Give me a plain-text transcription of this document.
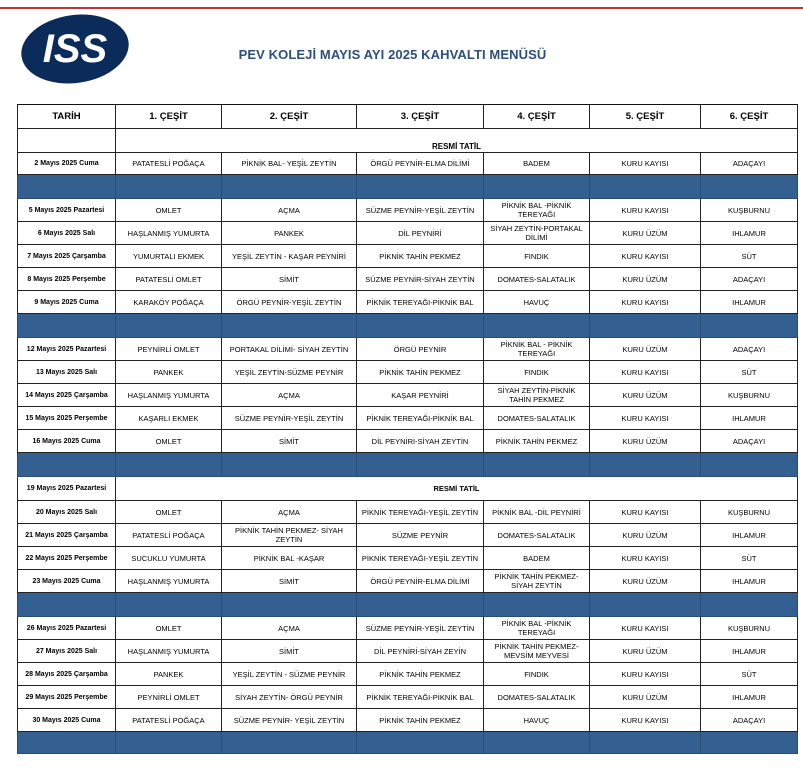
ISS	PEV KOLEJİ MAYIS AYI 2025 KAHVALTI MENÜSÜ
TARİH	1. ÇEŞİT	2. ÇEŞİT	3. ÇEŞİT	4. ÇEŞİT	5. ÇEŞİT	6. ÇEŞİT
	RESMİ TATİL					
2 Mayıs 2025 Cuma	PATATESLİ POĞAÇA	PİKNİK BAL- YEŞİL ZEYTİN	ÖRGÜ PEYNİR-ELMA DİLİMİ	BADEM	KURU KAYISI	ADAÇAYI

5 Mayıs 2025 Pazartesi	OMLET	AÇMA	SÜZME PEYNİR-YEŞİL ZEYTİN	PİKNİK BAL -PİKNİK TEREYAĞI	KURU KAYISI	KUŞBURNU
6 Mayıs 2025 Salı	HAŞLANMIŞ YUMURTA	PANKEK	DİL PEYNİRİ	SİYAH ZEYTİN-PORTAKAL DİLİMİ	KURU ÜZÜM	IHLAMUR
7 Mayıs 2025 Çarşamba	YUMURTALI EKMEK	YEŞİL ZEYTİN - KAŞAR PEYNİRİ	PİKNİK TAHİN PEKMEZ	FINDIK	KURU KAYISI	SÜT
8 Mayıs 2025 Perşembe	PATATESLİ OMLET	SİMİT	SÜZME PEYNİR-SİYAH ZEYTİN	DOMATES-SALATALIK	KURU ÜZÜM	ADAÇAYI
9 Mayıs 2025 Cuma	KARAKÖY POĞAÇA	ÖRGÜ PEYNİR-YEŞİL ZEYTİN	PİKNİK TEREYAĞI-PİKNİK BAL	HAVUÇ	KURU KAYISI	IHLAMUR

12 Mayıs 2025 Pazartesi	PEYNİRLİ OMLET	PORTAKAL DİLİMİ- SİYAH ZEYTİN	ÖRGÜ PEYNİR	PİKNİK BAL - PİKNİK TEREYAĞI	KURU ÜZÜM	ADAÇAYI
13 Mayıs 2025 Salı	PANKEK	YEŞİL ZEYTİN-SÜZME PEYNİR	PİKNİK TAHİN PEKMEZ	FINDIK	KURU KAYISI	SÜT
14 Mayıs 2025 Çarşamba	HAŞLANMIŞ YUMURTA	AÇMA	KAŞAR PEYNİRİ	SİYAH ZEYTİN-PİKNİK TAHİN PEKMEZ	KURU ÜZÜM	KUŞBURNU
15 Mayıs 2025 Perşembe	KAŞARLI EKMEK	SÜZME PEYNİR-YEŞİL ZEYTİN	PİKNİK TEREYAĞI-PİKNİK BAL	DOMATES-SALATALIK	KURU KAYISI	IHLAMUR
16 Mayıs 2025 Cuma	OMLET	SİMİT	DİL PEYNİRİ-SİYAH ZEYTİN	PİKNİK TAHİN PEKMEZ	KURU ÜZÜM	ADAÇAYI

19 Mayıs 2025 Pazartesi	RESMİ TATİL					
20 Mayıs 2025 Salı	OMLET	AÇMA	PİKNİK TEREYAĞI-YEŞİL ZEYTİN	PİKNİK BAL -DİL PEYNİRİ	KURU KAYISI	KUŞBURNU
21 Mayıs 2025 Çarşamba	PATATESLİ POĞAÇA	PİKNİK TAHİN PEKMEZ- SİYAH ZEYTİN	SÜZME PEYNİR	DOMATES-SALATALIK	KURU ÜZÜM	IHLAMUR
22 Mayıs 2025 Perşembe	SUCUKLU YUMURTA	PİKNİK BAL -KAŞAR	PİKNİK TEREYAĞI-YEŞİL ZEYTİN	BADEM	KURU KAYISI	SÜT
23 Mayıs 2025 Cuma	HAŞLANMIŞ YUMURTA	SİMİT	ÖRGÜ PEYNİR-ELMA DİLİMİ	PİKNİK TAHİN PEKMEZ- SİYAH ZEYTİN	KURU ÜZÜM	IHLAMUR

26 Mayıs 2025 Pazartesi	OMLET	AÇMA	SÜZME PEYNİR-YEŞİL ZEYTİN	PİKNİK BAL -PİKNİK TEREYAĞI	KURU KAYISI	KUŞBURNU
27 Mayıs 2025 Salı	HAŞLANMIŞ YUMURTA	SİMİT	DİL PEYNİRİ-SİYAH ZEYİN	PİKNİK TAHİN PEKMEZ-MEVSİM MEYVESİ	KURU ÜZÜM	IHLAMUR
28 Mayıs 2025 Çarşamba	PANKEK	YEŞİL ZEYTİN - SÜZME PEYNİR	PİKNİK TAHİN PEKMEZ	FINDIK	KURU KAYISI	SÜT
29 Mayıs 2025 Perşembe	PEYNİRLİ OMLET	SİYAH ZEYTİN- ÖRGÜ PEYNİR	PİKNİK TEREYAĞI-PİKNİK BAL	DOMATES-SALATALIK	KURU ÜZÜM	IHLAMUR
30 Mayıs 2025 Cuma	PATATESLİ POĞAÇA	SÜZME PEYNİR- YEŞİL ZEYTİN	PİKNİK TAHİN PEKMEZ	HAVUÇ	KURU KAYISI	ADAÇAYI
